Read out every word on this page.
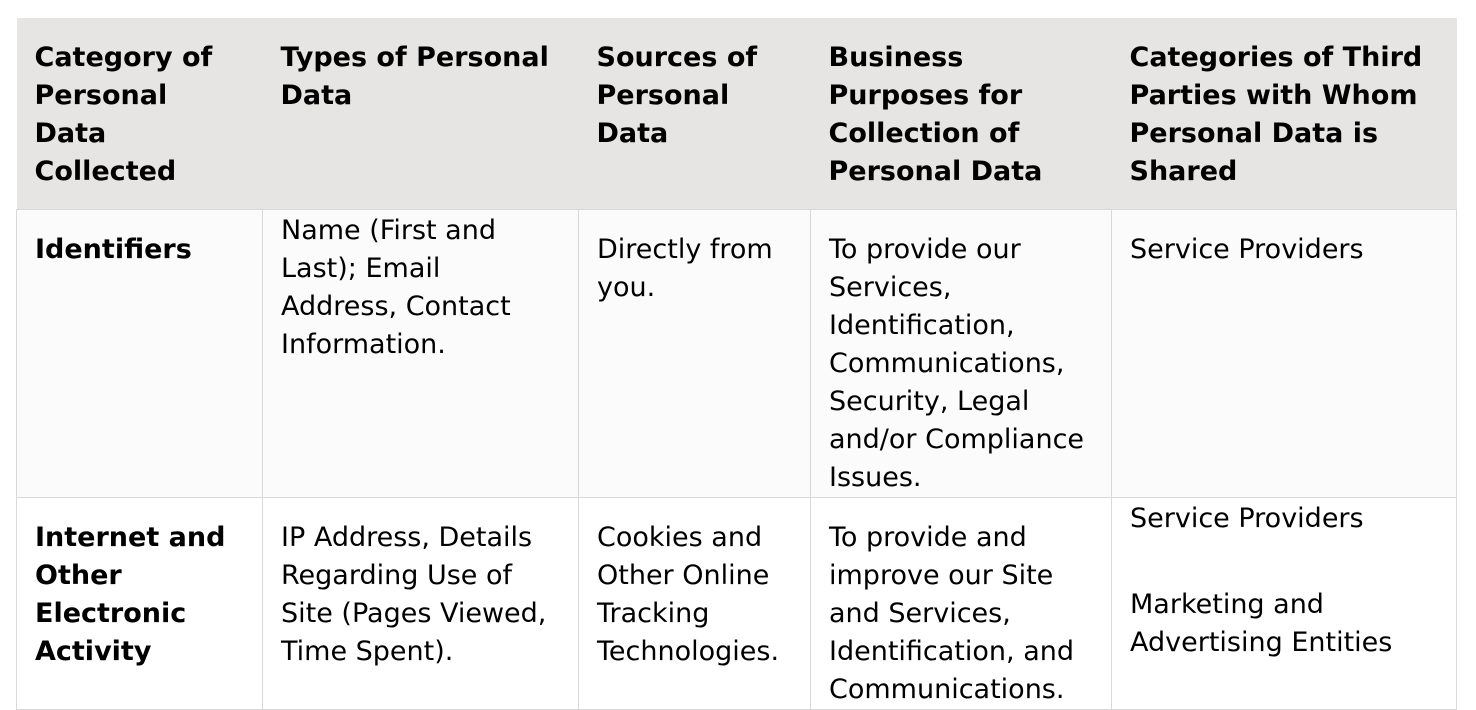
Category of Personal Data Collected	Types of Personal Data	Sources of Personal Data	Business Purposes for Collection of Personal Data	Categories of Third Parties with Whom Personal Data is Shared
Identifiers	Name (First and Last); Email Address, Contact Information.	Directly from you.	To provide our Services, Identification, Communications, Security, Legal and/or Compliance Issues.	Service Providers

Internet and Other Electronic Activity	IP Address, Details Regarding Use of Site (Pages Viewed, Time Spent).	Cookies and Other Online Tracking Technologies.	To provide and improve our Site and Services, Identification, and Communications.	Service Providers
Marketing and Advertising Entities
